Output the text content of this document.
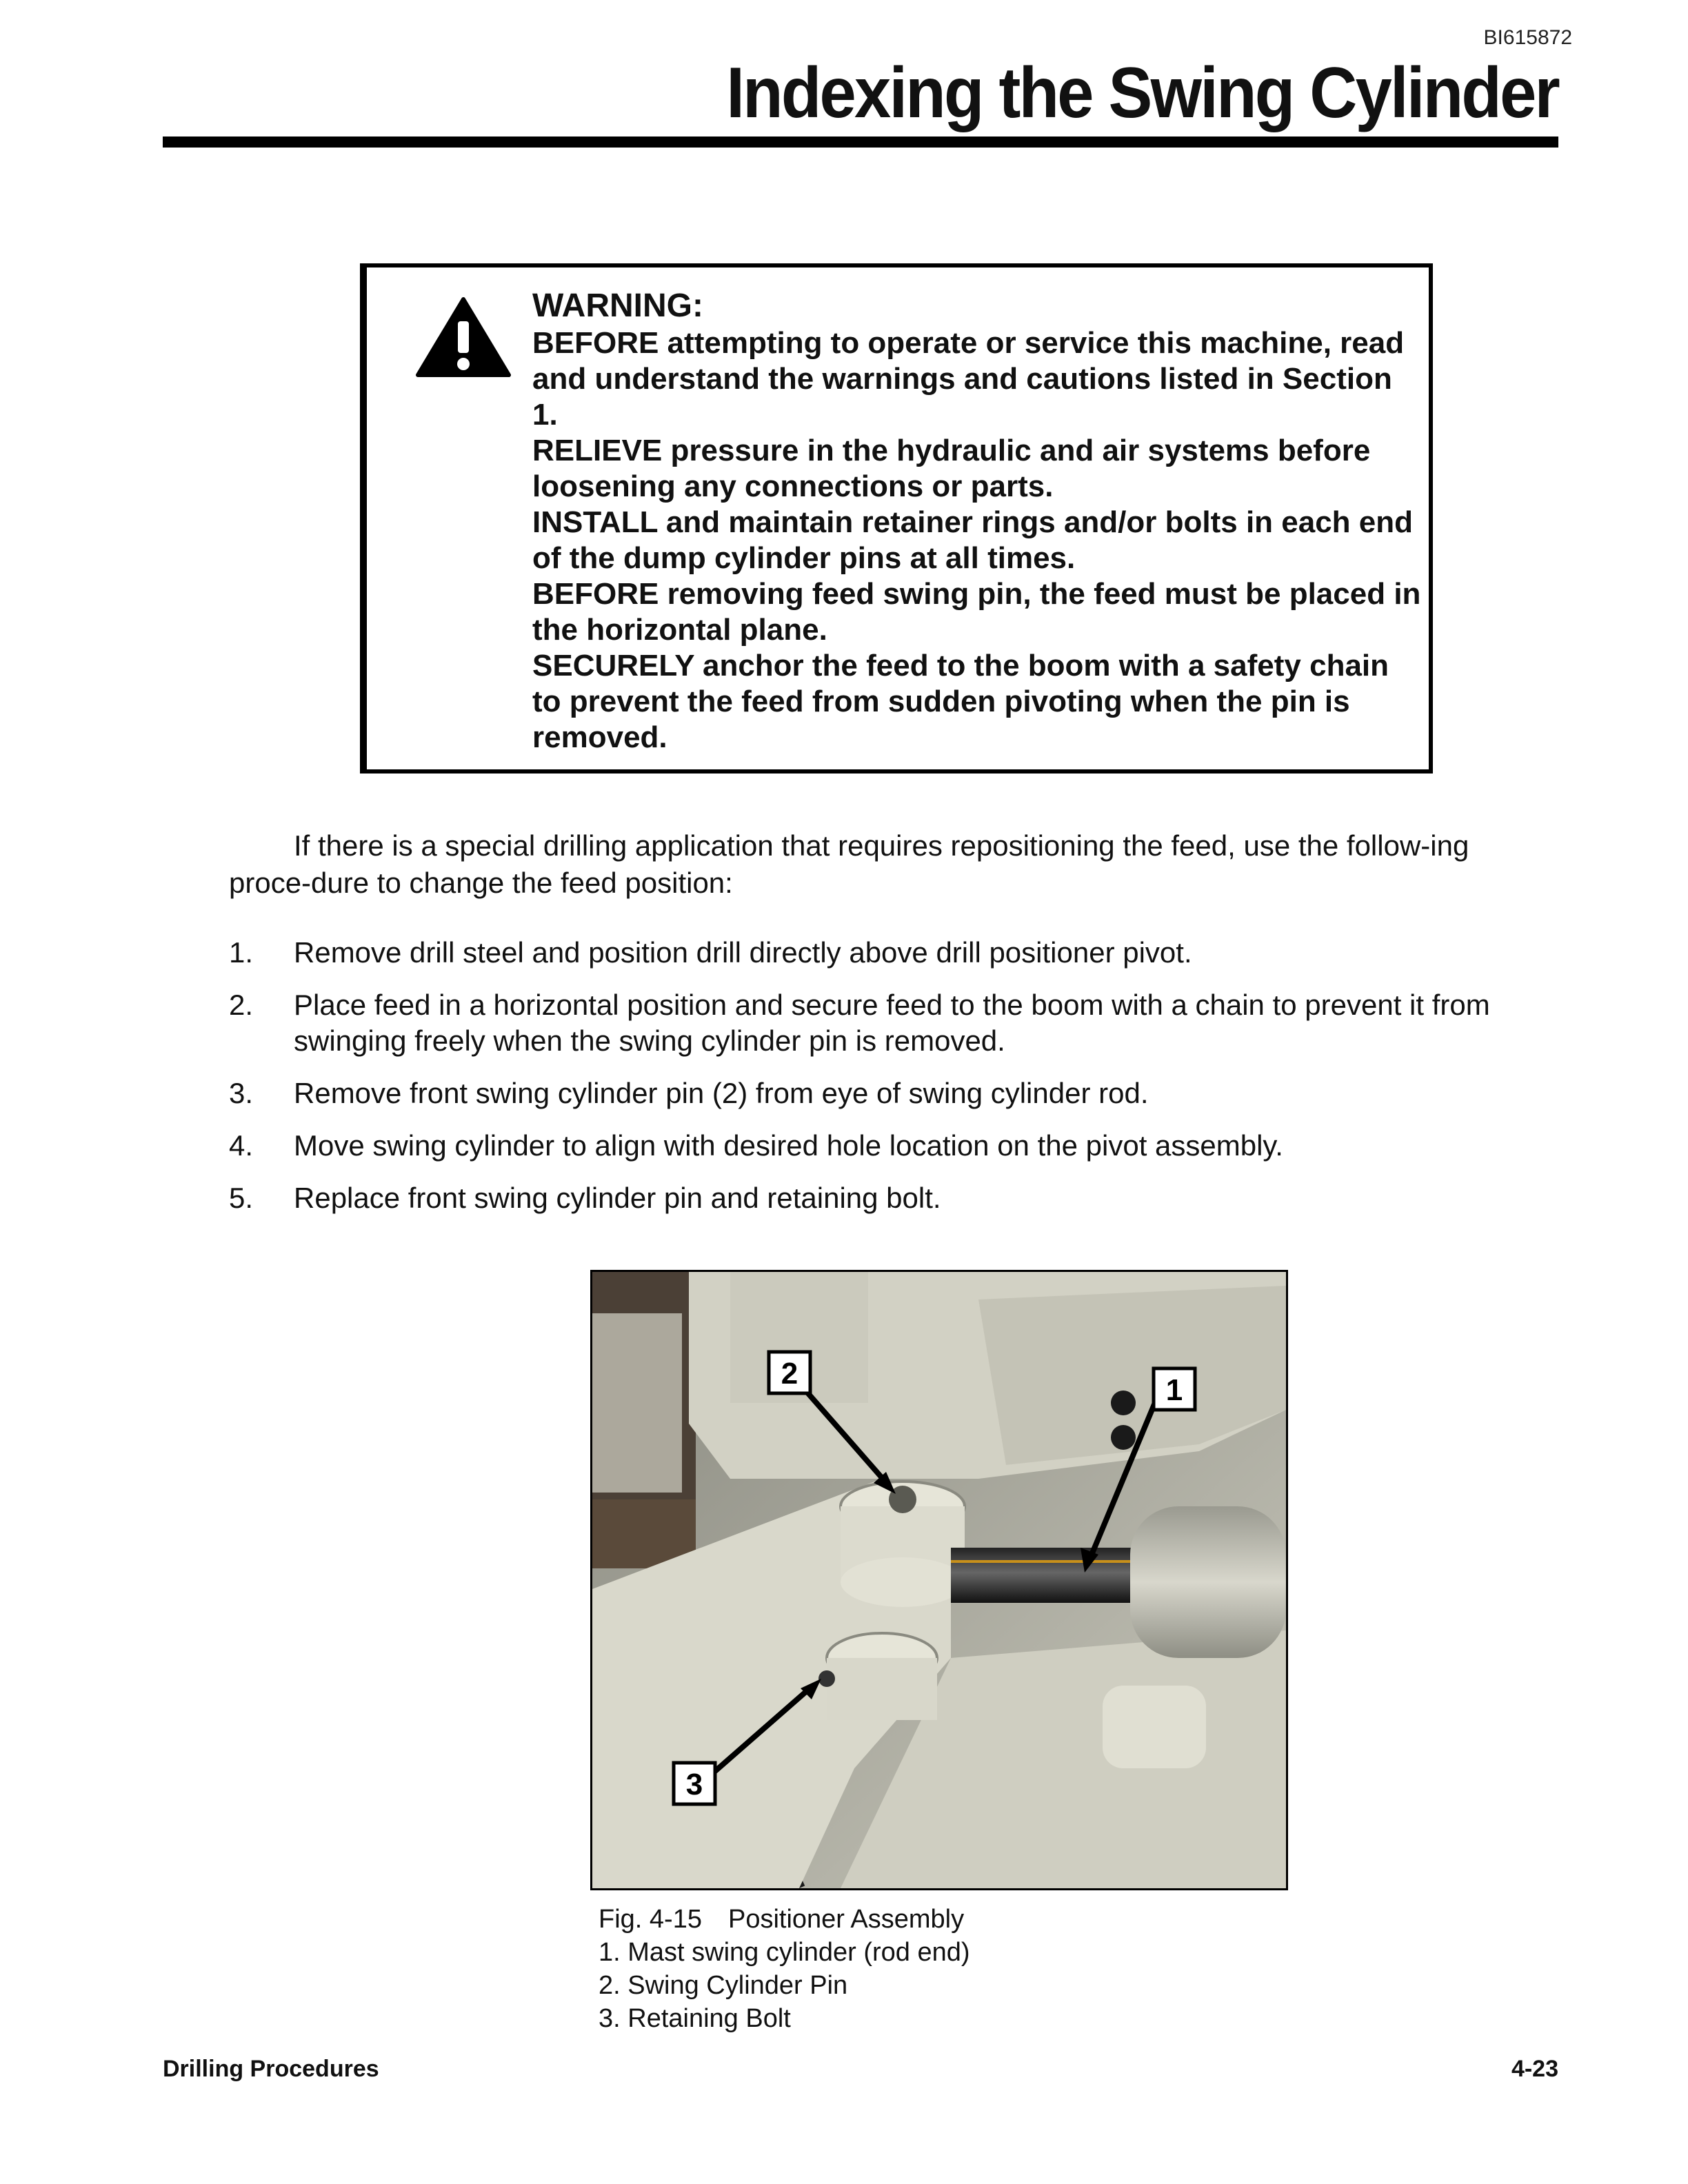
BI615872
Indexing the Swing Cylinder
WARNING:
BEFORE attempting to operate or service this machine, read and understand the warnings and cautions listed in Section 1.
RELIEVE pressure in the hydraulic and air systems before loosening any connections or parts.
INSTALL and maintain retainer rings and/or bolts in each end of the dump cylinder pins at all times.
BEFORE removing feed swing pin, the feed must be placed in the horizontal plane.
SECURELY anchor the feed to the boom with a safety chain to prevent the feed from sudden pivoting when the pin is removed.

If there is a special drilling application that requires repositioning the feed, use the follow-ing proce-dure to change the feed position:

1. Remove drill steel and position drill directly above drill positioner pivot.
2. Place feed in a horizontal position and secure feed to the boom with a chain to prevent it from swinging freely when the swing cylinder pin is removed.
3. Remove front swing cylinder pin (2) from eye of swing cylinder rod.
4. Move swing cylinder to align with desired hole location on the pivot assembly.
5. Replace front swing cylinder pin and retaining bolt.
2	1
3
Fig. 4-15 Positioner Assembly
1. Mast swing cylinder (rod end)
2. Swing Cylinder Pin
3. Retaining Bolt
Drilling Procedures	4-23
